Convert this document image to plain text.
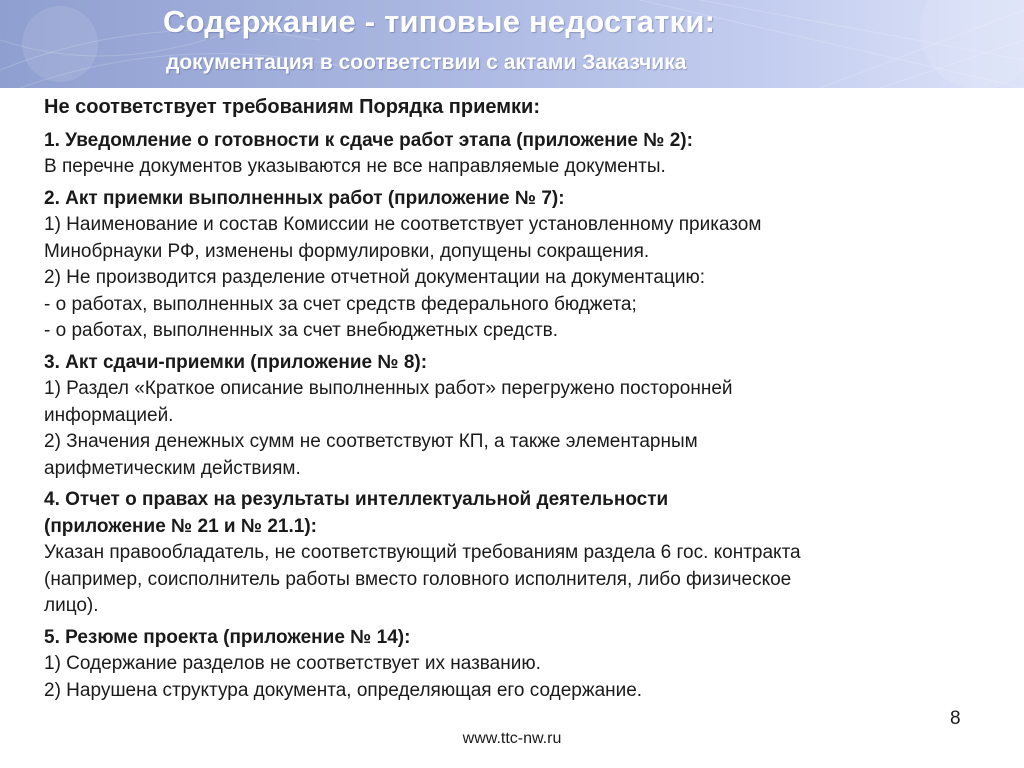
Содержание - типовые недостатки:
документация в соответствии с актами Заказчика
Не соответствует требованиям Порядка приемки:
1. Уведомление о готовности к сдаче работ этапа (приложение № 2):
В перечне документов указываются не все направляемые документы.
2. Акт приемки выполненных работ (приложение № 7):
1) Наименование и состав Комиссии не соответствует установленному приказом
Минобрнауки РФ, изменены формулировки, допущены сокращения.
2) Не производится разделение отчетной документации на документацию:
- о работах, выполненных за счет средств федерального бюджета;
- о работах, выполненных за счет внебюджетных средств.
3. Акт сдачи-приемки (приложение № 8):
1) Раздел «Краткое описание выполненных работ» перегружено посторонней
информацией.
2) Значения денежных сумм не соответствуют КП, а также элементарным
арифметическим действиям.
4. Отчет о правах на результаты интеллектуальной деятельности
(приложение № 21 и № 21.1):
Указан правообладатель, не соответствующий требованиям раздела 6 гос. контракта
(например, соисполнитель работы вместо головного исполнителя, либо физическое
лицо).
5. Резюме проекта (приложение № 14):
1) Содержание разделов не соответствует их названию.
2) Нарушена структура документа, определяющая его содержание.
8
www.ttc-nw.ru
